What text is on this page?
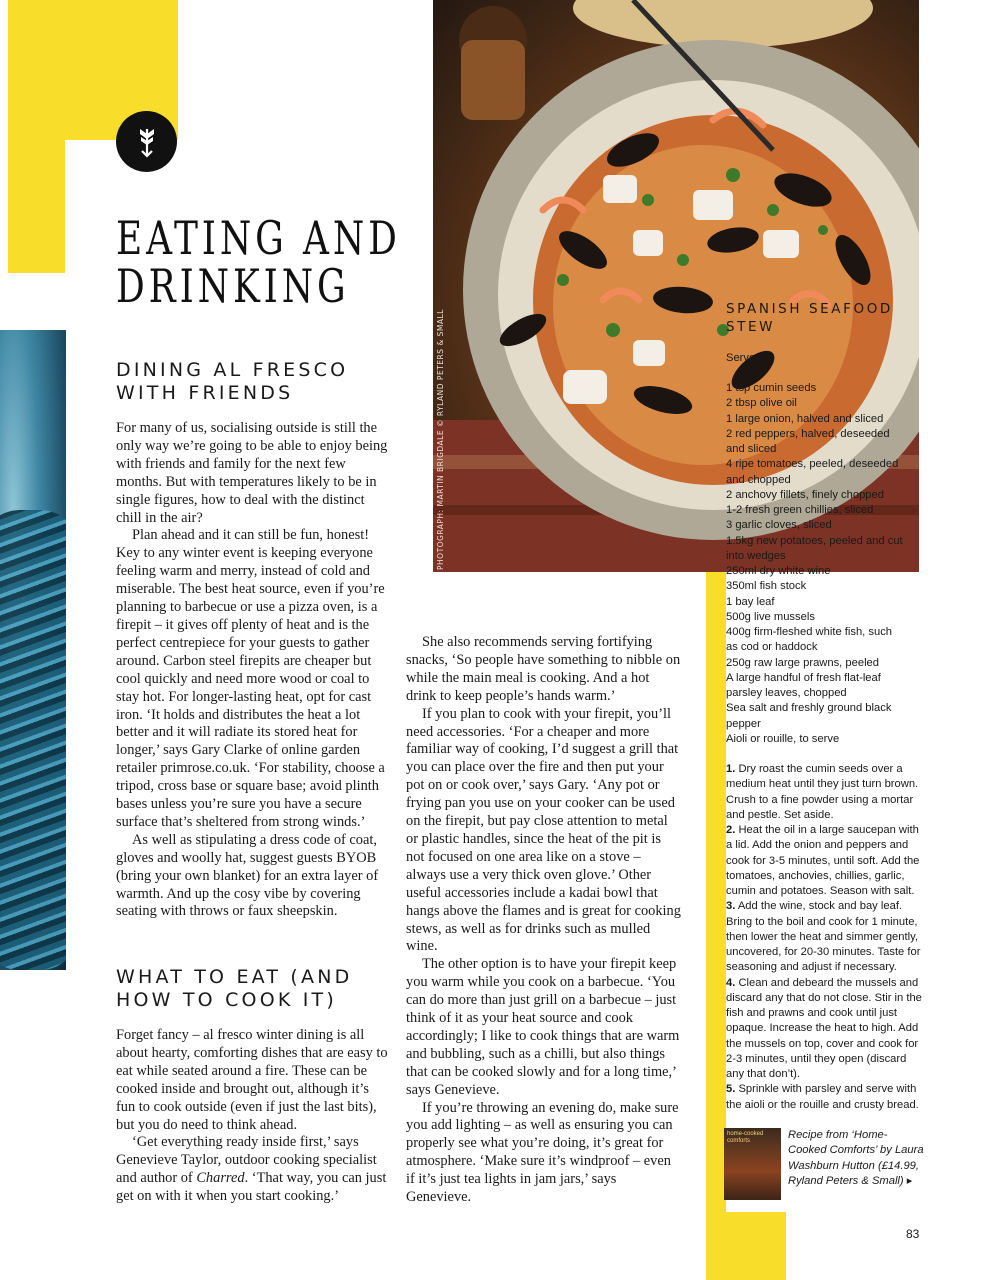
EATING AND
DRINKING
DINING AL FRESCO
WITH FRIENDS

For many of us, socialising outside is still the only way we’re going to be able to enjoy being with friends and family for the next few months. But with temperatures likely to be in single figures, how to deal with the distinct chill in the air?

Plan ahead and it can still be fun, honest! Key to any winter event is keeping everyone feeling warm and merry, instead of cold and miserable. The best heat source, even if you’re planning to barbecue or use a pizza oven, is a firepit – it gives off plenty of heat and is the perfect centrepiece for your guests to gather around. Carbon steel firepits are cheaper but cool quickly and need more wood or coal to stay hot. For longer-lasting heat, opt for cast iron. ‘It holds and distributes the heat a lot better and it will radiate its stored heat for longer,’ says Gary Clarke of online garden retailer primrose.co.uk. ‘For stability, choose a tripod, cross base or square base; avoid plinth bases unless you’re sure you have a secure surface that’s sheltered from strong winds.’

As well as stipulating a dress code of coat, gloves and woolly hat, suggest guests BYOB (bring your own blanket) for an extra layer of warmth. And up the cosy vibe by covering seating with throws or faux sheepskin.

WHAT TO EAT (AND
HOW TO COOK IT)

Forget fancy – al fresco winter dining is all about hearty, comforting dishes that are easy to eat while seated around a fire. These can be cooked inside and brought out, although it’s fun to cook outside (even if just the last bits), but you do need to think ahead.

‘Get everything ready inside first,’ says Genevieve Taylor, outdoor cooking specialist and author of Charred. ‘That way, you can just get on with it when you start cooking.’

She also recommends serving fortifying snacks, ‘So people have something to nibble on while the main meal is cooking. And a hot drink to keep people’s hands warm.’

If you plan to cook with your firepit, you’ll need accessories. ‘For a cheaper and more familiar way of cooking, I’d suggest a grill that you can place over the fire and then put your pot on or cook over,’ says Gary. ‘Any pot or frying pan you use on your cooker can be used on the firepit, but pay close attention to metal or plastic handles, since the heat of the pit is not focused on one area like on a stove – always use a very thick oven glove.’ Other useful accessories include a kadai bowl that hangs above the flames and is great for cooking stews, as well as for drinks such as mulled wine.

The other option is to have your firepit keep you warm while you cook on a barbecue. ‘You can do more than just grill on a barbecue – just think of it as your heat source and cook accordingly; I like to cook things that are warm and bubbling, such as a chilli, but also things that can be cooked slowly and for a long time,’ says Genevieve.

If you’re throwing an evening do, make sure you add lighting – as well as ensuring you can properly see what you’re doing, it’s great for atmosphere. ‘Make sure it’s windproof – even if it’s just tea lights in jam jars,’ says Genevieve.

PHOTOGRAPH: MARTIN BRIGDALE © RYLAND PETERS & SMALL
SPANISH SEAFOOD
STEW
Serves 4
1 tsp cumin seeds
2 tbsp olive oil
1 large onion, halved and sliced
2 red peppers, halved, deseeded
and sliced
4 ripe tomatoes, peeled, deseeded
and chopped
2 anchovy fillets, finely chopped
1-2 fresh green chillies, sliced
3 garlic cloves, sliced
1.5kg new potatoes, peeled and cut
into wedges
250ml dry white wine
350ml fish stock
1 bay leaf
500g live mussels
400g firm-fleshed white fish, such
as cod or haddock
250g raw large prawns, peeled
A large handful of fresh flat-leaf
parsley leaves, chopped
Sea salt and freshly ground black
pepper
Aioli or rouille, to serve

1. Dry roast the cumin seeds over a medium heat until they just turn brown. Crush to a fine powder using a mortar and pestle. Set aside.

2. Heat the oil in a large saucepan with a lid. Add the onion and peppers and cook for 3-5 minutes, until soft. Add the tomatoes, anchovies, chillies, garlic, cumin and potatoes. Season with salt.

3. Add the wine, stock and bay leaf. Bring to the boil and cook for 1 minute, then lower the heat and simmer gently, uncovered, for 20-30 minutes. Taste for seasoning and adjust if necessary.

4. Clean and debeard the mussels and discard any that do not close. Stir in the fish and prawns and cook until just opaque. Increase the heat to high. Add the mussels on top, cover and cook for 2-3 minutes, until they open (discard any that don’t).

5. Sprinkle with parsley and serve with the aioli or the rouille and crusty bread.

home-cooked comforts	Recipe from ‘Home-Cooked Comforts’ by Laura Washburn Hutton (£14.99, Ryland Peters & Small) ▸
83
